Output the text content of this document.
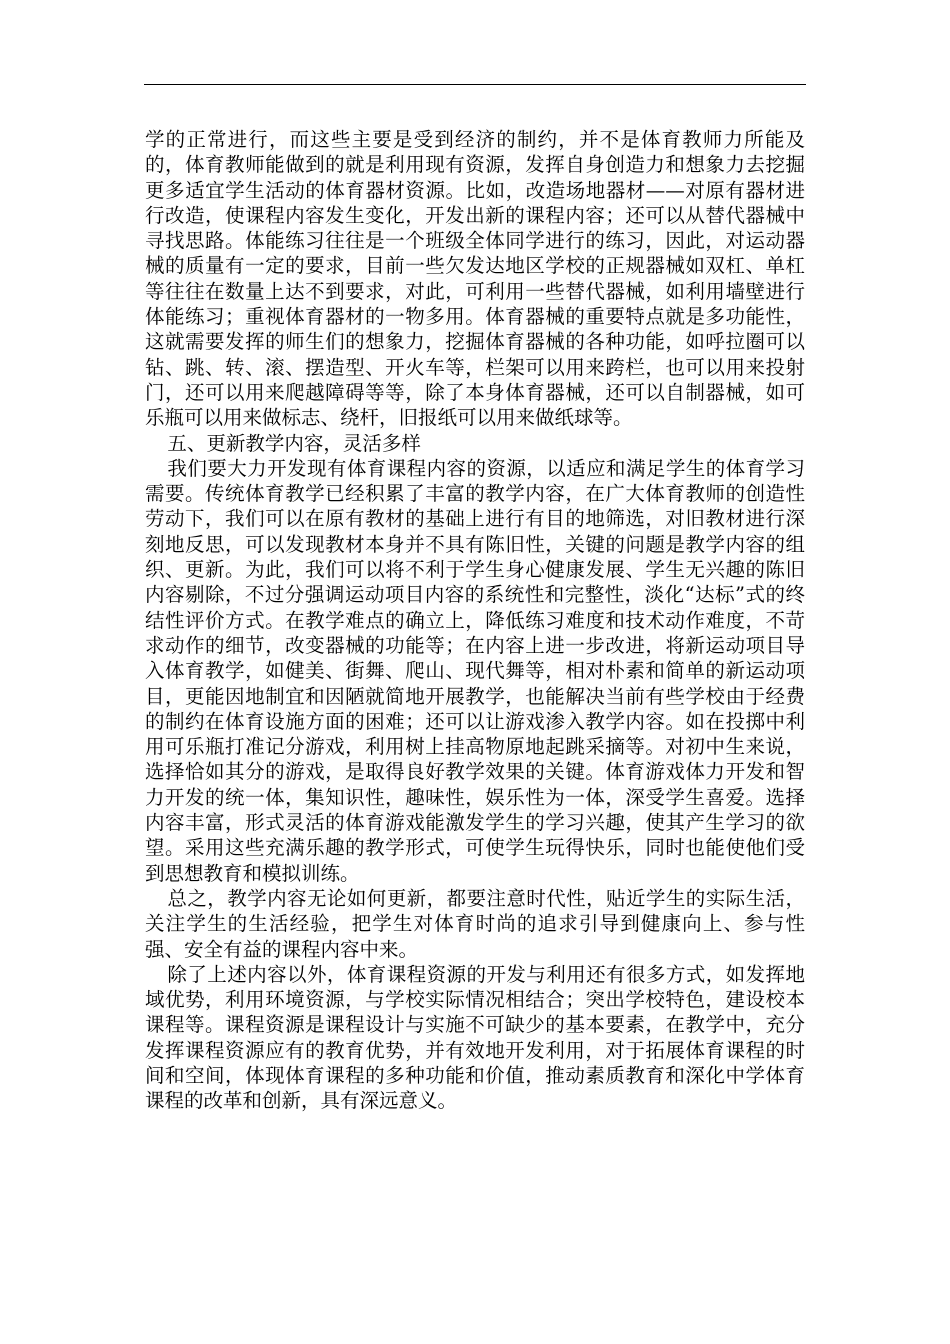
学的正常进行，而这些主要是受到经济的制约，并不是体育教师力所能及的，体育教师能做到的就是利用现有资源，发挥自身创造力和想象力去挖掘更多适宜学生活动的体育器材资源。比如，改造场地器材——对原有器材进行改造，使课程内容发生变化，开发出新的课程内容；还可以从替代器械中寻找思路。体能练习往往是一个班级全体同学进行的练习，因此，对运动器械的质量有一定的要求，目前一些欠发达地区学校的正规器械如双杠、单杠等往往在数量上达不到要求，对此，可利用一些替代器械，如利用墙壁进行体能练习；重视体育器材的一物多用。体育器械的重要特点就是多功能性，这就需要发挥的师生们的想象力，挖掘体育器械的各种功能，如呼拉圈可以钻、跳、转、滚、摆造型、开火车等，栏架可以用来跨栏，也可以用来投射门，还可以用来爬越障碍等等，除了本身体育器械，还可以自制器械，如可乐瓶可以用来做标志、绕杆，旧报纸可以用来做纸球等。

五、更新教学内容，灵活多样

我们要大力开发现有体育课程内容的资源，以适应和满足学生的体育学习需要。传统体育教学已经积累了丰富的教学内容，在广大体育教师的创造性劳动下，我们可以在原有教材的基础上进行有目的地筛选，对旧教材进行深刻地反思，可以发现教材本身并不具有陈旧性，关键的问题是教学内容的组织、更新。为此，我们可以将不利于学生身心健康发展、学生无兴趣的陈旧内容剔除，不过分强调运动项目内容的系统性和完整性，淡化“达标”式的终结性评价方式。在教学难点的确立上，降低练习难度和技术动作难度，不苛求动作的细节，改变器械的功能等；在内容上进一步改进，将新运动项目导入体育教学，如健美、街舞、爬山、现代舞等，相对朴素和简单的新运动项目，更能因地制宜和因陋就简地开展教学，也能解决当前有些学校由于经费的制约在体育设施方面的困难；还可以让游戏渗入教学内容。如在投掷中利用可乐瓶打准记分游戏，利用树上挂高物原地起跳采摘等。对初中生来说，选择恰如其分的游戏，是取得良好教学效果的关键。体育游戏体力开发和智力开发的统一体，集知识性，趣味性，娱乐性为一体，深受学生喜爱。选择内容丰富，形式灵活的体育游戏能激发学生的学习兴趣，使其产生学习的欲望。采用这些充满乐趣的教学形式，可使学生玩得快乐，同时也能使他们受到思想教育和模拟训练。

总之，教学内容无论如何更新，都要注意时代性，贴近学生的实际生活，关注学生的生活经验，把学生对体育时尚的追求引导到健康向上、参与性强、安全有益的课程内容中来。

除了上述内容以外，体育课程资源的开发与利用还有很多方式，如发挥地域优势，利用环境资源，与学校实际情况相结合；突出学校特色，建设校本课程等。课程资源是课程设计与实施不可缺少的基本要素，在教学中，充分发挥课程资源应有的教育优势，并有效地开发利用，对于拓展体育课程的时间和空间，体现体育课程的多种功能和价值，推动素质教育和深化中学体育课程的改革和创新，具有深远意义。
